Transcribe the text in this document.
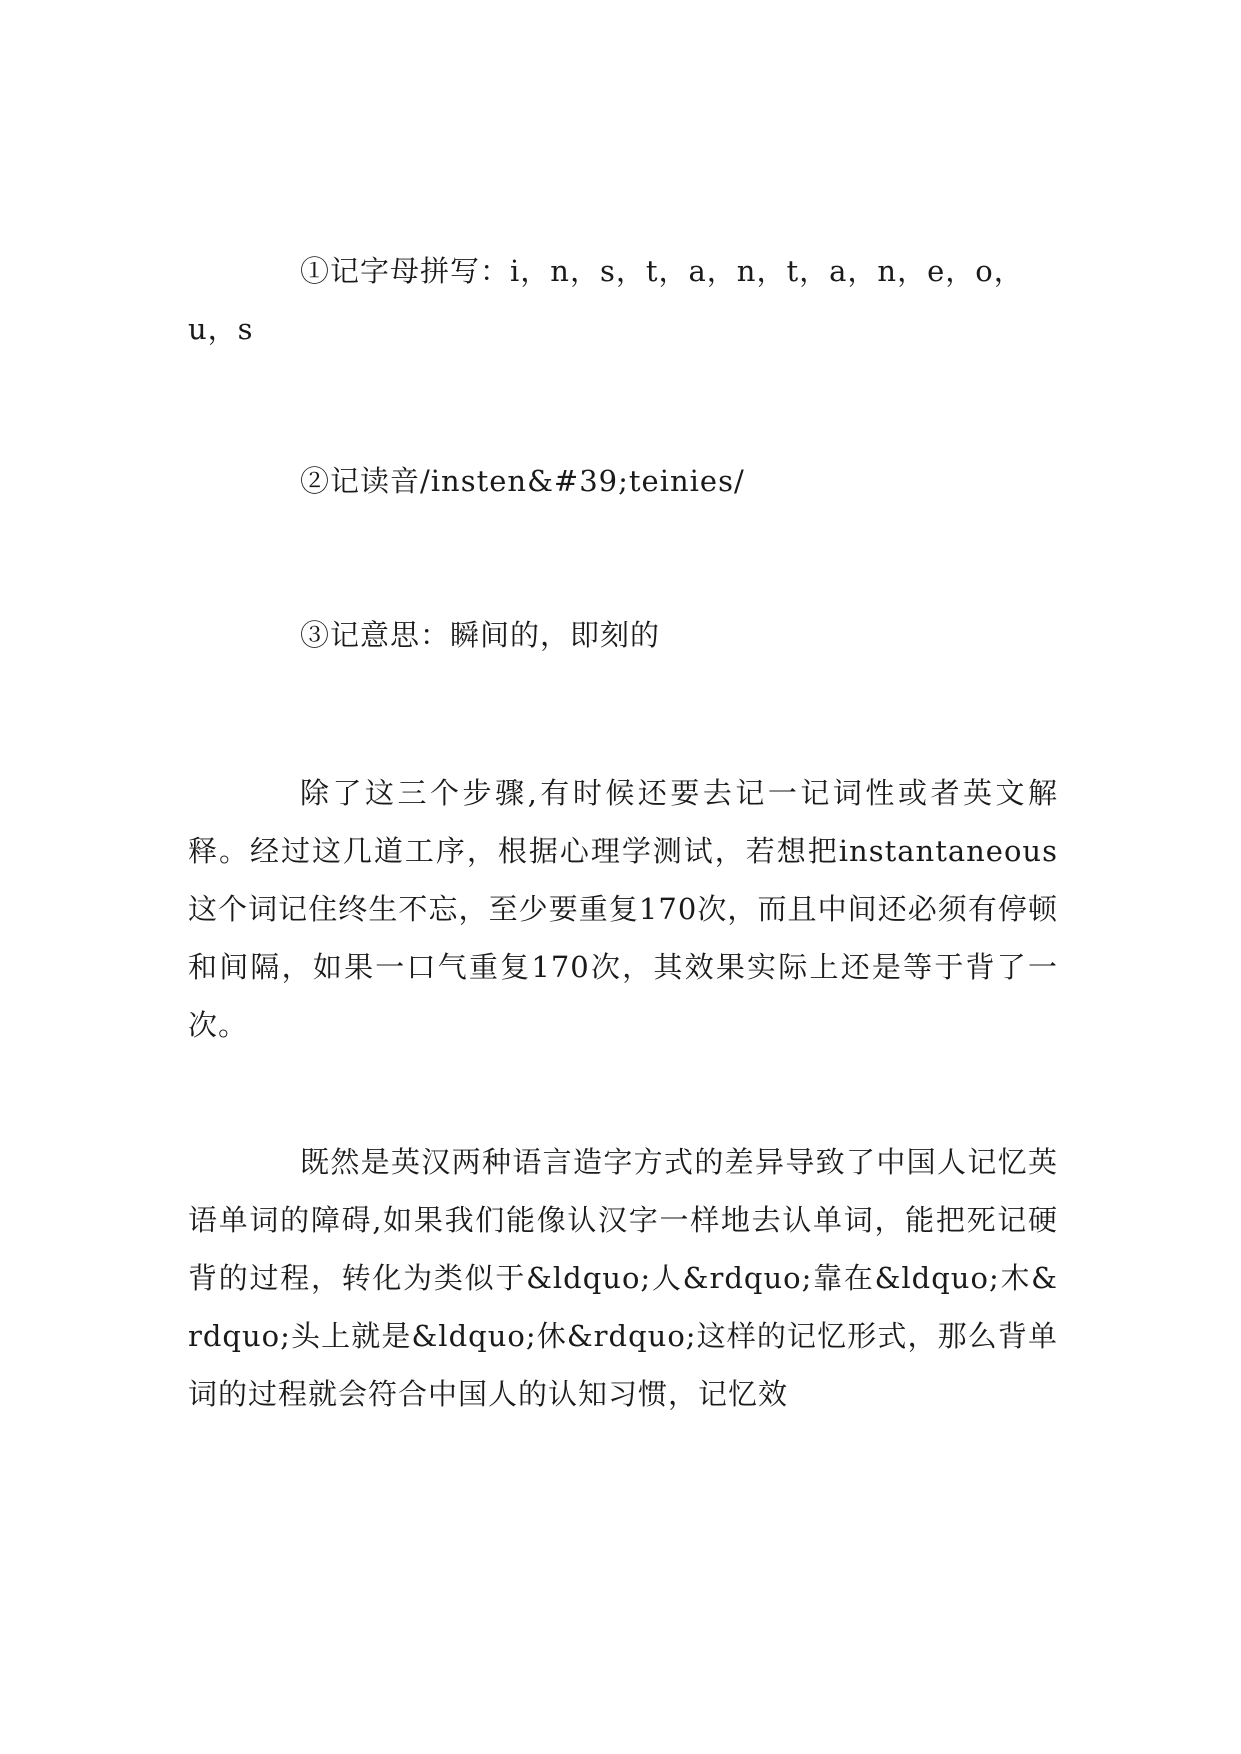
①记字母拼写：i，n，s，t，a，n，t，a，n，e，o，u，s

②记读音/insten&#39;teinies/

③记意思：瞬间的，即刻的

除了这三个步骤,有时候还要去记一记词性或者英文解释。经过这几道工序，根据心理学测试，若想把instantaneous这个词记住终生不忘，至少要重复170次，而且中间还必须有停顿和间隔，如果一口气重复170次，其效果实际上还是等于背了一次。

既然是英汉两种语言造字方式的差异导致了中国人记忆英语单词的障碍,如果我们能像认汉字一样地去认单词，能把死记硬背的过程，转化为类似于&ldquo;人&rdquo;靠在&ldquo;木&rdquo;头上就是&ldquo;休&rdquo;这样的记忆形式，那么背单词的过程就会符合中国人的认知习惯，记忆效
